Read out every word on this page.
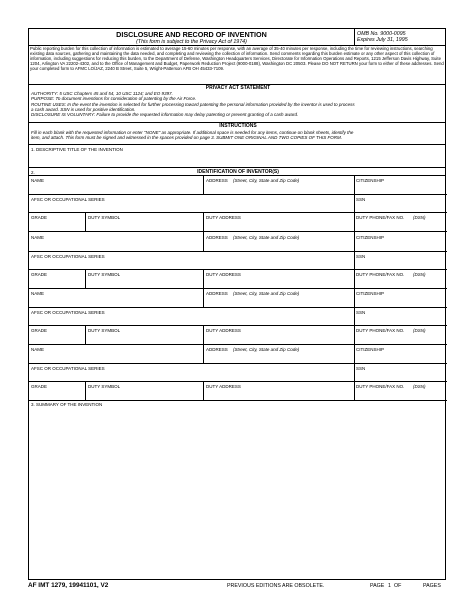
DISCLOSURE AND RECORD OF INVENTION
(This form is subject to the Privacy Act of 1974)
OMB No. 9000-0095
Expires July 31, 1995
Public reporting burden for this collection of information is estimated to average 15-60 minutes per response, with an average of 35-40 minutes per response, including the time for reviewing instructions, searching existing data sources, gathering and maintaining the data needed, and completing and reviewing the collection of information. Send comments regarding this burden estimate or any other aspect of this collection of information, including suggestions for reducing this burden, to the Department of Defense, Washington Headquarters Services, Directorate for Information Operations and Reports, 1215 Jefferson Davis Highway, Suite 1204, Arlington VA 22202-4302, and to the Office of Management and Budget, Paperwork Reduction Project (9000-0188), Washington DC 20503. Please DO NOT RETURN your form to either of these addresses. Send your completed form to AFMC LO/JAZ, 2240 B Street, Suite 5, Wright-Patterson AFB OH 45433-7109.
PRIVACY ACT STATEMENT
AUTHORITY: 5 USC Chapters 45 and 54, 10 USC 1124; and EO 9397.
PURPOSE: To document inventions for consideration of patenting by the Air Force.
ROUTINE USES: In the event the invention is selected for further processing toward patenting the personal information provided by the inventor is used to process
a cash award. SSN is used for positive identification.
DISCLOSURE IS VOLUNTARY: Failure to provide the requested information may delay patenting or prevent granting of a cash award.
INSTRUCTIONS
Fill in each blank with the requested information or enter "NONE" as appropriate. If additional space is needed for any items, continue on blank sheets, identify the
item, and attach. This form must be signed and witnessed in the spaces provided on page 3. SUBMIT ONE ORIGINAL AND TWO COPIES OF THIS FORM.
1. DESCRIPTIVE TITLE OF THE INVENTION
2.	IDENTIFICATION OF INVENTOR(S)
NAME	ADDRESS (Street, City, State and Zip Code)	CITIZENSHIP
AFSC OR OCCUPATIONAL SERIES	SSN
GRADE	DUTY SYMBOL	DUTY ADDRESS	DUTY PHONE/FAX NO. (DSN)
NAME	ADDRESS (Street, City, State and Zip Code)	CITIZENSHIP
AFSC OR OCCUPATIONAL SERIES	SSN
GRADE	DUTY SYMBOL	DUTY ADDRESS	DUTY PHONE/FAX NO. (DSN)
NAME	ADDRESS (Street, City, State and Zip Code)	CITIZENSHIP
AFSC OR OCCUPATIONAL SERIES	SSN
GRADE	DUTY SYMBOL	DUTY ADDRESS	DUTY PHONE/FAX NO. (DSN)
NAME	ADDRESS (Street, City, State and Zip Code)	CITIZENSHIP
AFSC OR OCCUPATIONAL SERIES	SSN
GRADE	DUTY SYMBOL	DUTY ADDRESS	DUTY PHONE/FAX NO. (DSN)
3. SUMMARY OF THE INVENTION
AF IMT 1279, 19941101, V2	PREVIOUS EDITIONS ARE OBSOLETE.	PAGE 1 OF	PAGES
